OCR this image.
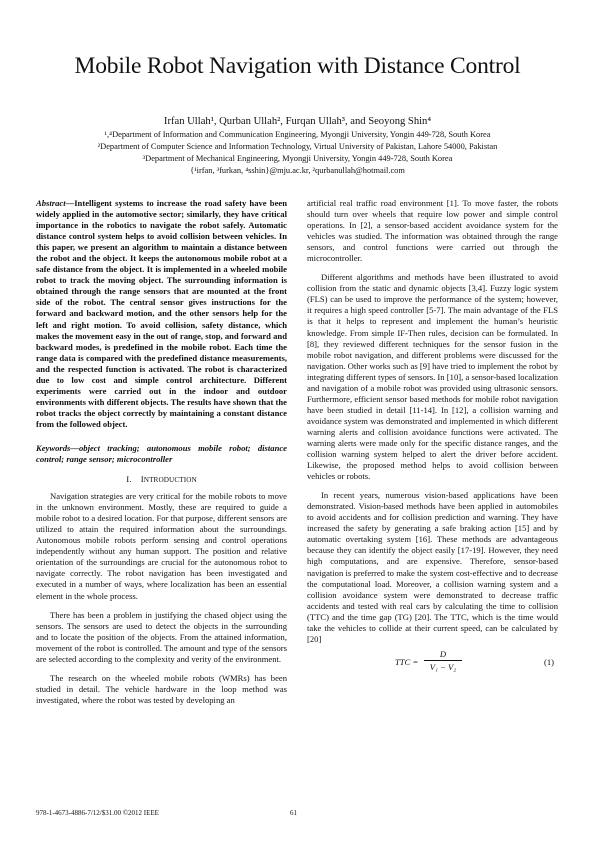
Mobile Robot Navigation with Distance Control
Irfan Ullah¹, Qurban Ullah², Furqan Ullah³, and Seoyong Shin⁴
¹,⁴Department of Information and Communication Engineering, Myongji University, Yongin 449-728, South Korea
²Department of Computer Science and Information Technology, Virtual University of Pakistan, Lahore 54000, Pakistan
³Department of Mechanical Engineering, Myongji University, Yongin 449-728, South Korea
{¹irfan, ³furkan, ⁴sshin}@mju.ac.kr, ²qurbanullah@hotmail.com

Abstract—Intelligent systems to increase the road safety have been widely applied in the automotive sector; similarly, they have critical importance in the robotics to navigate the robot safely. Automatic distance control system helps to avoid collision between vehicles. In this paper, we present an algorithm to maintain a distance between the robot and the object. It keeps the autonomous mobile robot at a safe distance from the object. It is implemented in a wheeled mobile robot to track the moving object. The surrounding information is obtained through the range sensors that are mounted at the front side of the robot. The central sensor gives instructions for the forward and backward motion, and the other sensors help for the left and right motion. To avoid collision, safety distance, which makes the movement easy in the out of range, stop, and forward and backward modes, is predefined in the mobile robot. Each time the range data is compared with the predefined distance measurements, and the respected function is activated. The robot is characterized due to low cost and simple control architecture. Different experiments were carried out in the indoor and outdoor environments with different objects. The results have shown that the robot tracks the object correctly by maintaining a constant distance from the followed object.

Keywords—object tracking; autonomous mobile robot; distance control; range sensor; microcontroller

I. INTRODUCTION

Navigation strategies are very critical for the mobile robots to move in the unknown environment. Mostly, these are required to guide a mobile robot to a desired location. For that purpose, different sensors are utilized to attain the required information about the surroundings. Autonomous mobile robots perform sensing and control operations independently without any human support. The position and relative orientation of the surroundings are crucial for the autonomous robot to navigate correctly. The robot navigation has been investigated and executed in a number of ways, where localization has been an essential element in the whole process.

There has been a problem in justifying the chased object using the sensors. The sensors are used to detect the objects in the surrounding and to locate the position of the objects. From the attained information, movement of the robot is controlled. The amount and type of the sensors are selected according to the complexity and verity of the environment.

The research on the wheeled mobile robots (WMRs) has been studied in detail. The vehicle hardware in the loop method was investigated, where the robot was tested by developing an

artificial real traffic road environment [1]. To move faster, the robots should turn over wheels that require low power and simple control operations. In [2], a sensor-based accident avoidance system for the vehicles was studied. The information was obtained through the range sensors, and control functions were carried out through the microcontroller.

Different algorithms and methods have been illustrated to avoid collision from the static and dynamic objects [3,4]. Fuzzy logic system (FLS) can be used to improve the performance of the system; however, it requires a high speed controller [5-7]. The main advantage of the FLS is that it helps to represent and implement the human’s heuristic knowledge. From simple IF-Then rules, decision can be formulated. In [8], they reviewed different techniques for the sensor fusion in the mobile robot navigation, and different problems were discussed for the navigation. Other works such as [9] have tried to implement the robot by integrating different types of sensors. In [10], a sensor-based localization and navigation of a mobile robot was provided using ultrasonic sensors. Furthermore, efficient sensor based methods for mobile robot navigation have been studied in detail [11-14]. In [12], a collision warning and avoidance system was demonstrated and implemented in which different warning alerts and collision avoidance functions were activated. The warning alerts were made only for the specific distance ranges, and the collision warning system helped to alert the driver before accident. Likewise, the proposed method helps to avoid collision between vehicles or robots.

In recent years, numerous vision-based applications have been demonstrated. Vision-based methods have been applied in automobiles to avoid accidents and for collision prediction and warning. They have increased the safety by generating a safe braking action [15] and by automatic overtaking system [16]. These methods are advantageous because they can identify the object easily [17-19]. However, they need high computations, and are expensive. Therefore, sensor-based navigation is preferred to make the system cost-effective and to decrease the computational load. Moreover, a collision warning system and a collision avoidance system were demonstrated to decrease traffic accidents and tested with real cars by calculating the time to collision (TTC) and the time gap (TG) [20]. The TTC, which is the time would take the vehicles to collide at their current speed, can be calculated by [20]

TTC = $\frac{D}{\text{V₁ − V₂}}$	(1)
978-1-4673-4886-7/12/$31.00 ©2012 IEEE	61
